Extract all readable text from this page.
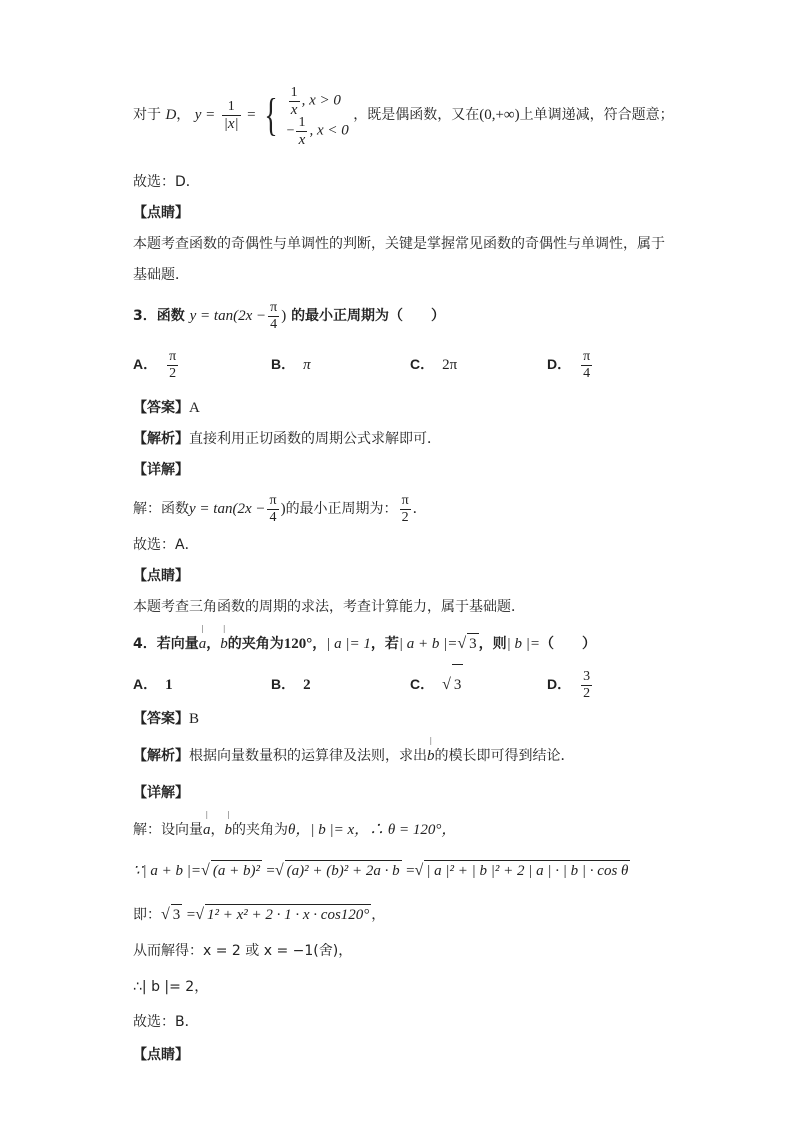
对于 D， $y = \frac{1}{|x|}$ = { $\frac{1}{x}$ , x > 0
− $\frac{1}{x}$ , x < 0
，既是偶函数，又在(0,+∞)上单调递减，符合题意；
故选：D．
【点睛】
本题考查函数的奇偶性与单调性的判断，关键是掌握常见函数的奇偶性与单调性，属于
基础题．
3．函数 $y = \tan(2x - \frac{\pi}{4}$ ) 的最小正周期为（　　）
A． $\frac{\pi}{2}$	B． π	C． 2π	D． $\frac{\pi}{4}$
【答案】A
【解析】直接利用正切函数的周期公式求解即可．
【详解】
解：函数$y = \tan(2x - \frac{\pi}{4}$ )的最小正周期为： $\frac{\pi}{2}$ ．
故选：A．
【点睛】
本题考查三角函数的周期的求法，考查计算能力，属于基础题．
4．若向量| a，| b的夹角为120°，| a |= 1，若| a + b |=√ 3 ，则| b |=（　　）
A． 1	B． 2	C． √ 3	D． $\frac{3}{2}$
【答案】B
【解析】根据向量数量积的运算律及法则，求出| b的模长即可得到结论．
【详解】
解：设向量| a，| b的夹角为θ，| b |= x，∴ θ = 120°，
∵| a + b |=√ (a + b)² =√ (a)² + (b)² + 2a · b =√ | a |² + | b |² + 2 | a | · | b | · cos θ
即：√ 3 =√ 1² + x² + 2 · 1 · x · cos120° ，
从而解得：x = 2 或 x = −1(舍)，
∴| b |= 2，
故选：B．
【点睛】
